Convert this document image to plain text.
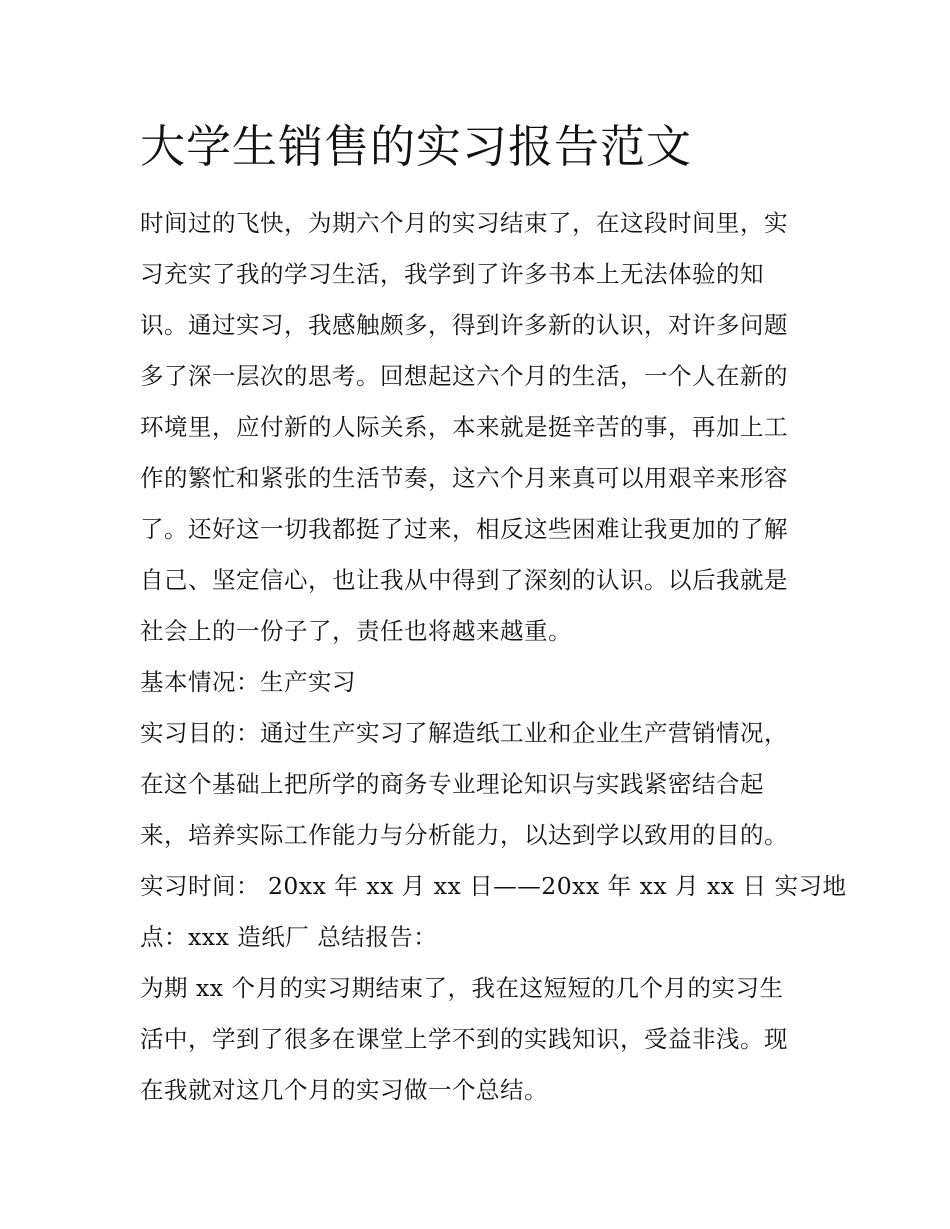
大学生销售的实习报告范文

时间过的飞快，为期六个月的实习结束了，在这段时间里，实
习充实了我的学习生活，我学到了许多书本上无法体验的知
识。通过实习，我感触颇多，得到许多新的认识，对许多问题
多了深一层次的思考。回想起这六个月的生活，一个人在新的
环境里，应付新的人际关系，本来就是挺辛苦的事，再加上工
作的繁忙和紧张的生活节奏，这六个月来真可以用艰辛来形容
了。还好这一切我都挺了过来，相反这些困难让我更加的了解
自己、坚定信心，也让我从中得到了深刻的认识。以后我就是
社会上的一份子了，责任也将越来越重。

基本情况：生产实习

实习目的：通过生产实习了解造纸工业和企业生产营销情况，
在这个基础上把所学的商务专业理论知识与实践紧密结合起
来，培养实际工作能力与分析能力，以达到学以致用的目的。

实习时间： 20xx 年 xx 月 xx 日——20xx 年 xx 月 xx 日 实习地
点：xxx 造纸厂 总结报告：

为期 xx 个月的实习期结束了，我在这短短的几个月的实习生
活中，学到了很多在课堂上学不到的实践知识，受益非浅。现
在我就对这几个月的实习做一个总结。
